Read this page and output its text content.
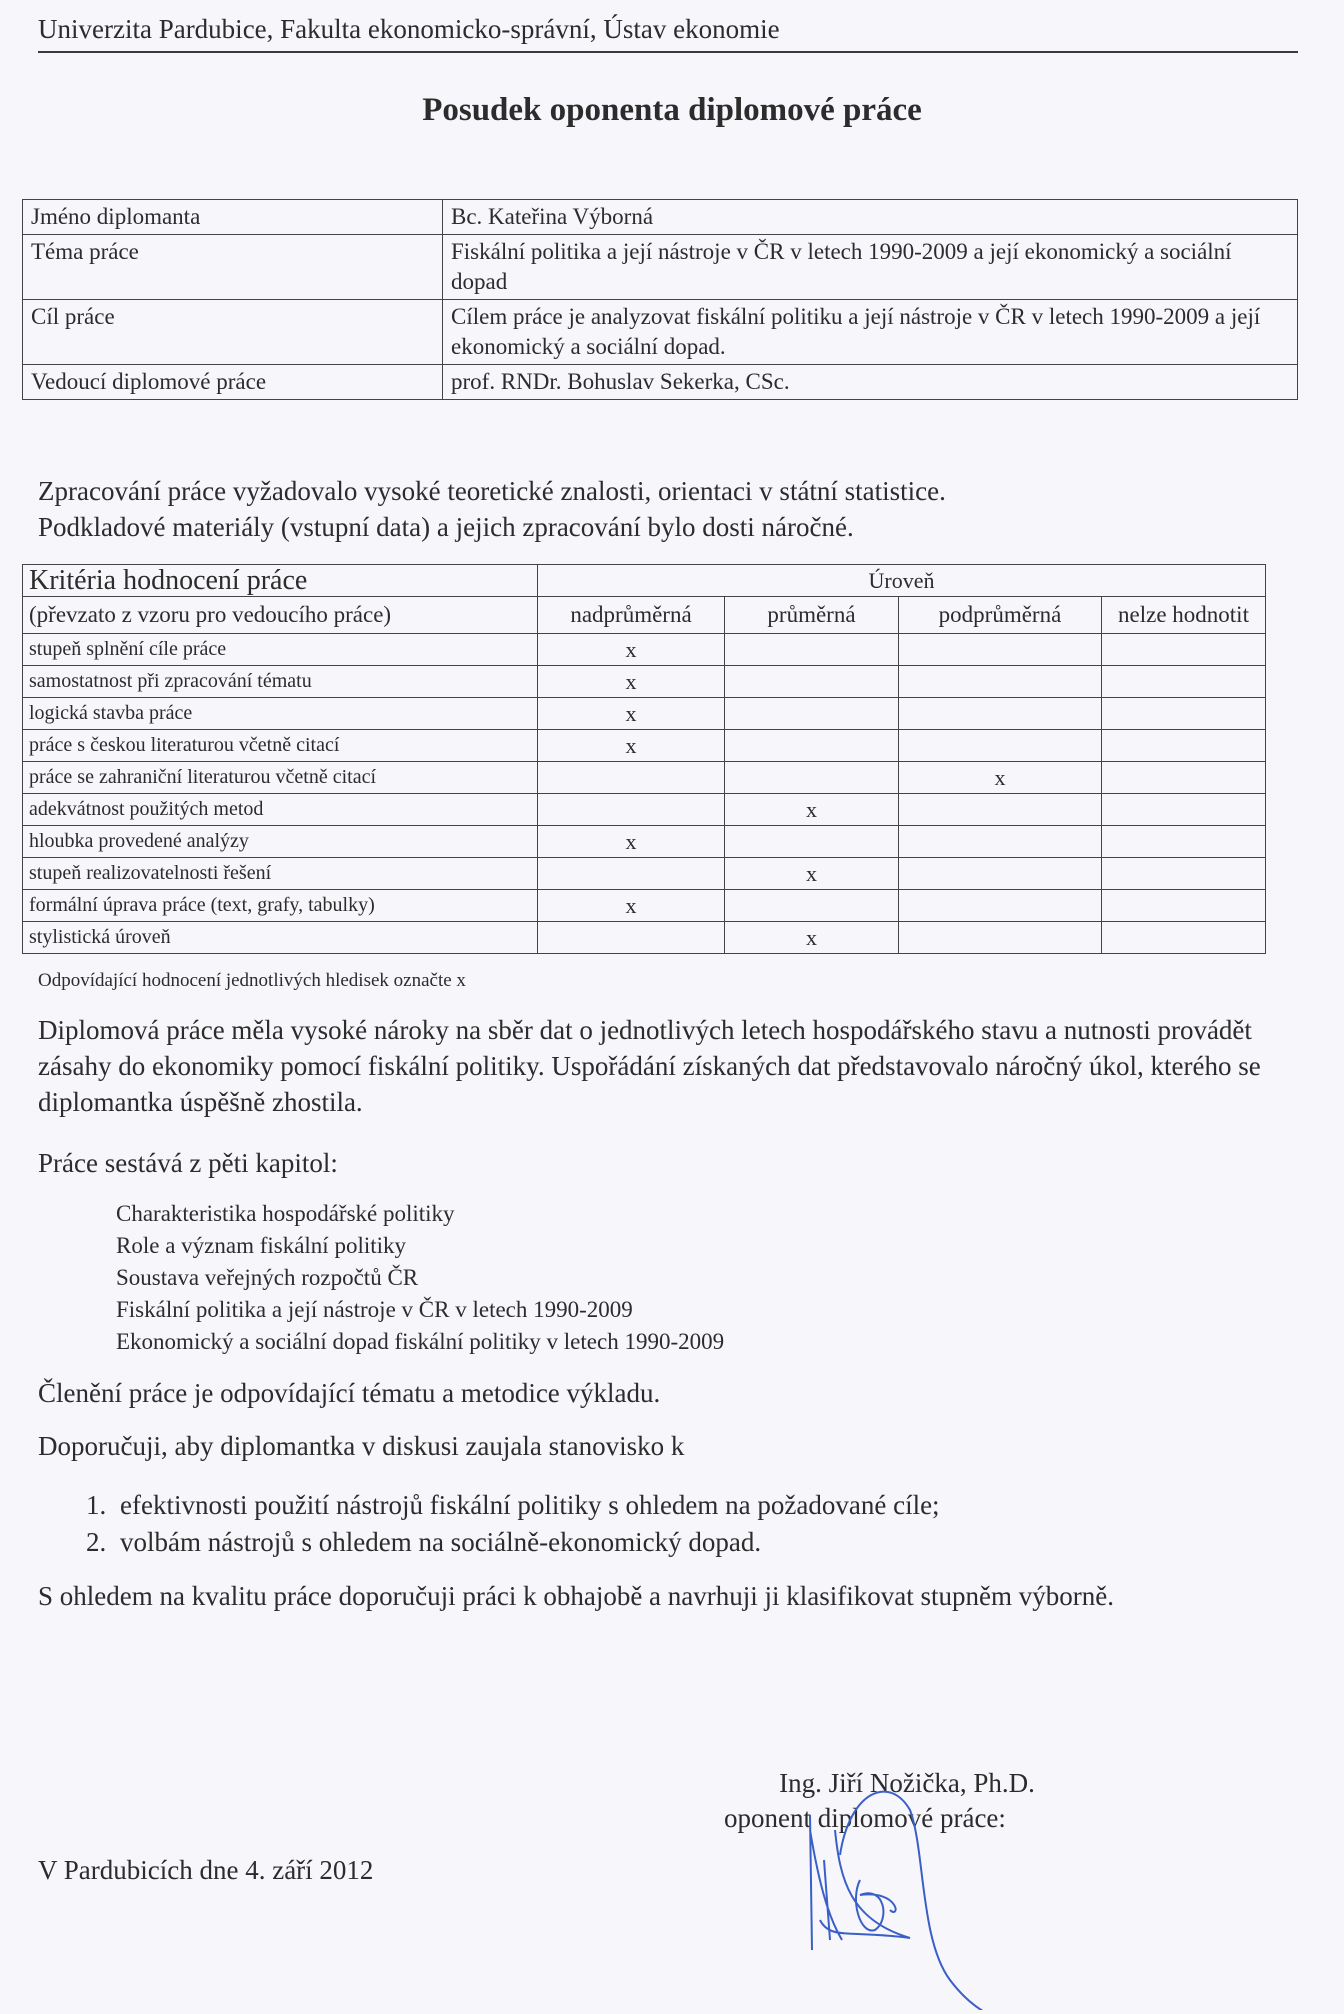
Univerzita Pardubice, Fakulta ekonomicko-správní, Ústav ekonomie
Posudek oponenta diplomové práce
Jméno diplomanta	Bc. Kateřina Výborná
Téma práce	Fiskální politika a její nástroje v ČR v letech 1990-2009 a její ekonomický a sociální dopad
Cíl práce	Cílem práce je analyzovat fiskální politiku a její nástroje v ČR v letech 1990-2009 a její ekonomický a sociální dopad.
Vedoucí diplomové práce	prof. RNDr. Bohuslav Sekerka, CSc.

Zpracování práce vyžadovalo vysoké teoretické znalosti, orientaci v státní statistice.

Podkladové materiály (vstupní data) a jejich zpracování bylo dosti náročné.

Kritéria hodnocení práce	Úroveň			
(převzato z vzoru pro vedoucího práce)	nadprůměrná	průměrná	podprůměrná	nelze hodnotit
stupeň splnění cíle práce	x			
samostatnost při zpracování tématu	x			
logická stavba práce	x			
práce s českou literaturou včetně citací	x			
práce se zahraniční literaturou včetně citací			x	
adekvátnost použitých metod		x		
hloubka provedené analýzy	x			
stupeň realizovatelnosti řešení		x		
formální úprava práce (text, grafy, tabulky)	x			
stylistická úroveň		x		
Odpovídající hodnocení jednotlivých hledisek označte x

Diplomová práce měla vysoké nároky na sběr dat o jednotlivých letech hospodářského stavu a nutnosti provádět zásahy do ekonomiky pomocí fiskální politiky. Uspořádání získaných dat představovalo náročný úkol, kterého se diplomantka úspěšně zhostila.

Práce sestává z pěti kapitol:

Charakteristika hospodářské politiky
Role a význam fiskální politiky
Soustava veřejných rozpočtů ČR
Fiskální politika a její nástroje v ČR v letech 1990-2009
Ekonomický a sociální dopad fiskální politiky v letech 1990-2009

Členění práce je odpovídající tématu a metodice výkladu.

Doporučuji, aby diplomantka v diskusi zaujala stanovisko k

1. efektivnosti použití nástrojů fiskální politiky s ohledem na požadované cíle;
2. volbám nástrojů s ohledem na sociálně-ekonomický dopad.

S ohledem na kvalitu práce doporučuji práci k obhajobě a navrhuji ji klasifikovat stupněm výborně.

Ing. Jiří Nožička, Ph.D.
oponent diplomové práce:
V Pardubicích dne 4. září 2012
